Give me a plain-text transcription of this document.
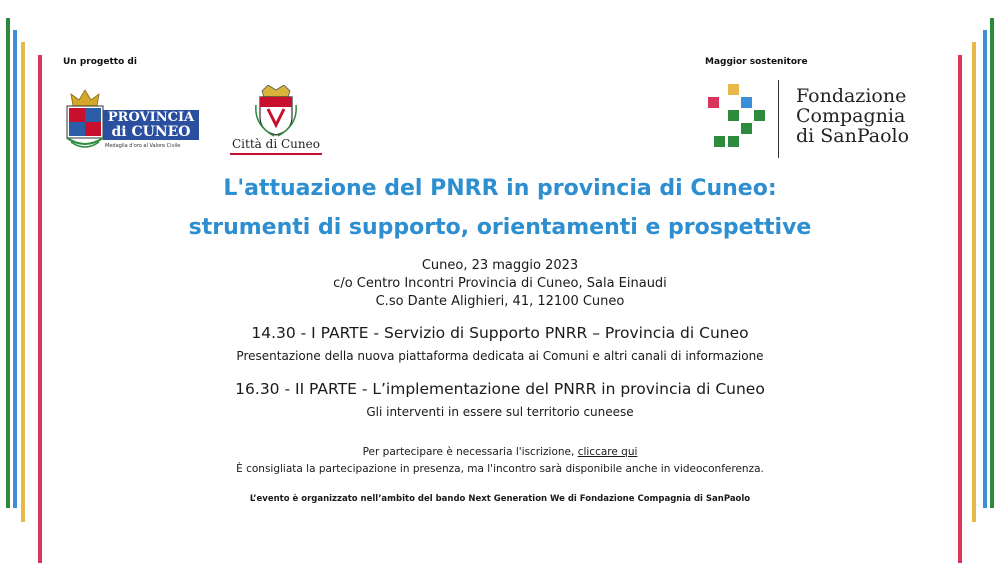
Un progetto di	Maggior sostenitore
PROVINCIA
di CUNEO
Medaglia d'oro al Valore Civile	Città di Cuneo
Fondazione
Compagnia
di SanPaolo
L'attuazione del PNRR in provincia di Cuneo:
strumenti di supporto, orientamenti e prospettive
Cuneo, 23 maggio 2023
c/o Centro Incontri Provincia di Cuneo, Sala Einaudi
C.so Dante Alighieri, 41, 12100 Cuneo
14.30 - I PARTE - Servizio di Supporto PNRR – Provincia di Cuneo
Presentazione della nuova piattaforma dedicata ai Comuni e altri canali di informazione
16.30 - II PARTE - L’implementazione del PNRR in provincia di Cuneo
Gli interventi in essere sul territorio cuneese
Per partecipare è necessaria l'iscrizione, cliccare qui
È consigliata la partecipazione in presenza, ma l'incontro sarà disponibile anche in videoconferenza.
L’evento è organizzato nell’ambito del bando Next Generation We di Fondazione Compagnia di SanPaolo
